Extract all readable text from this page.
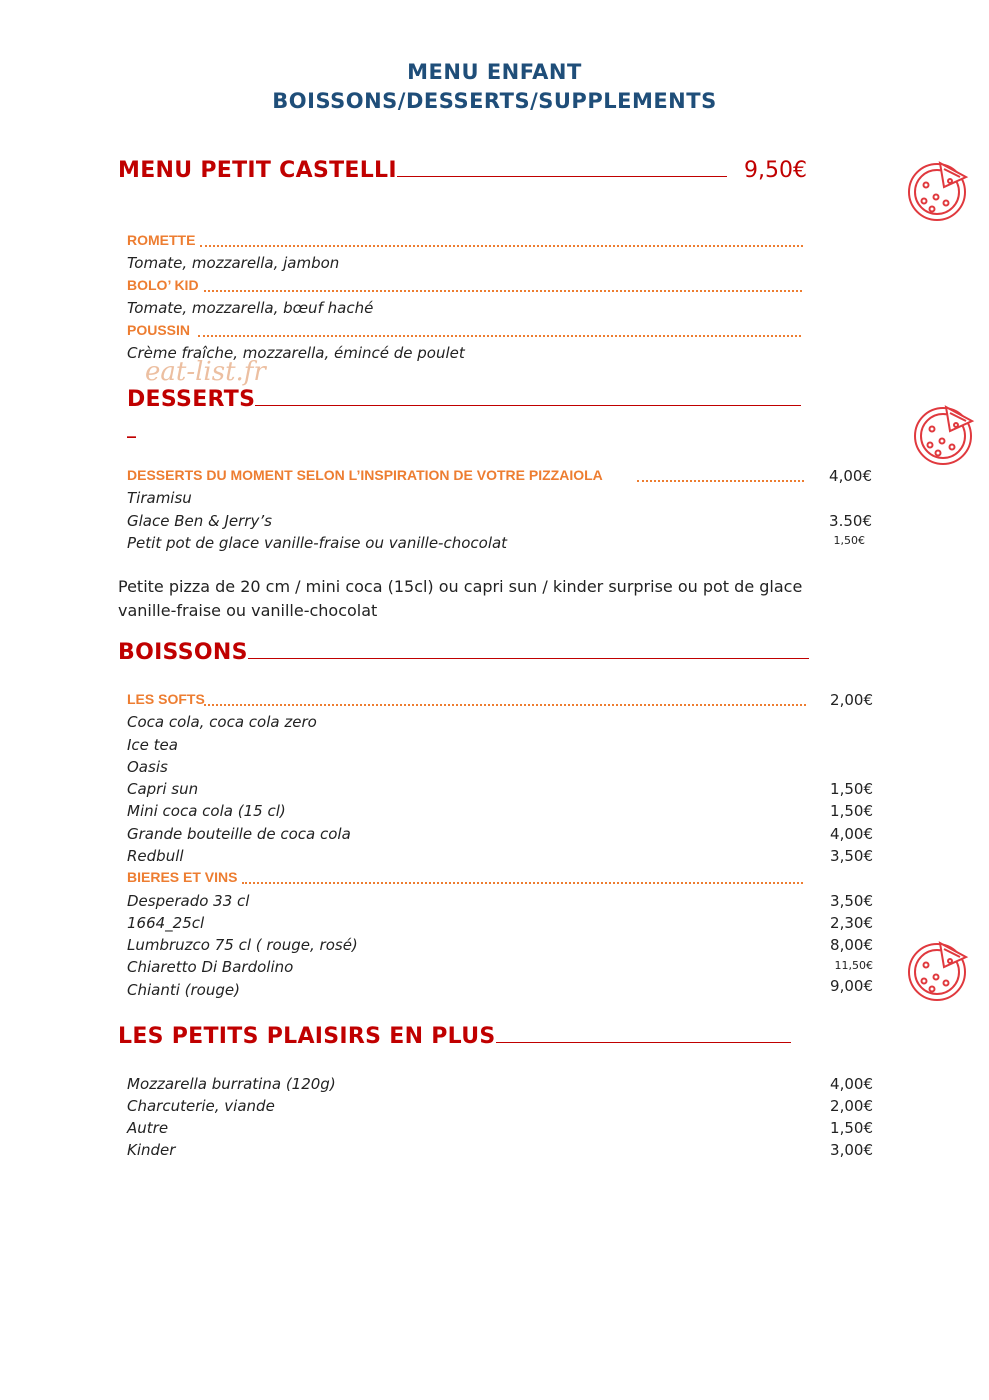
MENU ENFANT
BOISSONS/DESSERTS/SUPPLEMENTS
MENU PETIT CASTELLI	9,50€
ROMETTE
Tomate, mozzarella, jambon
BOLO’ KID
Tomate, mozzarella, bœuf haché
POUSSIN
Crème fraîche, mozzarella, émincé de poulet
eat-list.fr
DESSERTS
_
DESSERTS DU MOMENT SELON L’INSPIRATION DE VOTRE PIZZAIOLA	4,00€
Tiramisu
Glace Ben & Jerry’s	3.50€
Petit pot de glace vanille-fraise ou vanille-chocolat	1,50€
Petite pizza de 20 cm / mini coca (15cl) ou capri sun / kinder surprise ou pot de glace vanille-fraise ou vanille-chocolat
BOISSONS
LES SOFTS	2,00€
Coca cola, coca cola zero
Ice tea
Oasis
Capri sun	1,50€
Mini coca cola (15 cl)	1,50€
Grande bouteille de coca cola	4,00€
Redbull	3,50€
BIERES ET VINS
Desperado 33 cl	3,50€
1664_25cl	2,30€
Lumbruzco 75 cl ( rouge, rosé)	8,00€
Chiaretto Di Bardolino	11,50€
Chianti (rouge)	9,00€
LES PETITS PLAISIRS EN PLUS
Mozzarella burratina (120g)	4,00€
Charcuterie, viande	2,00€
Autre	1,50€
Kinder	3,00€
